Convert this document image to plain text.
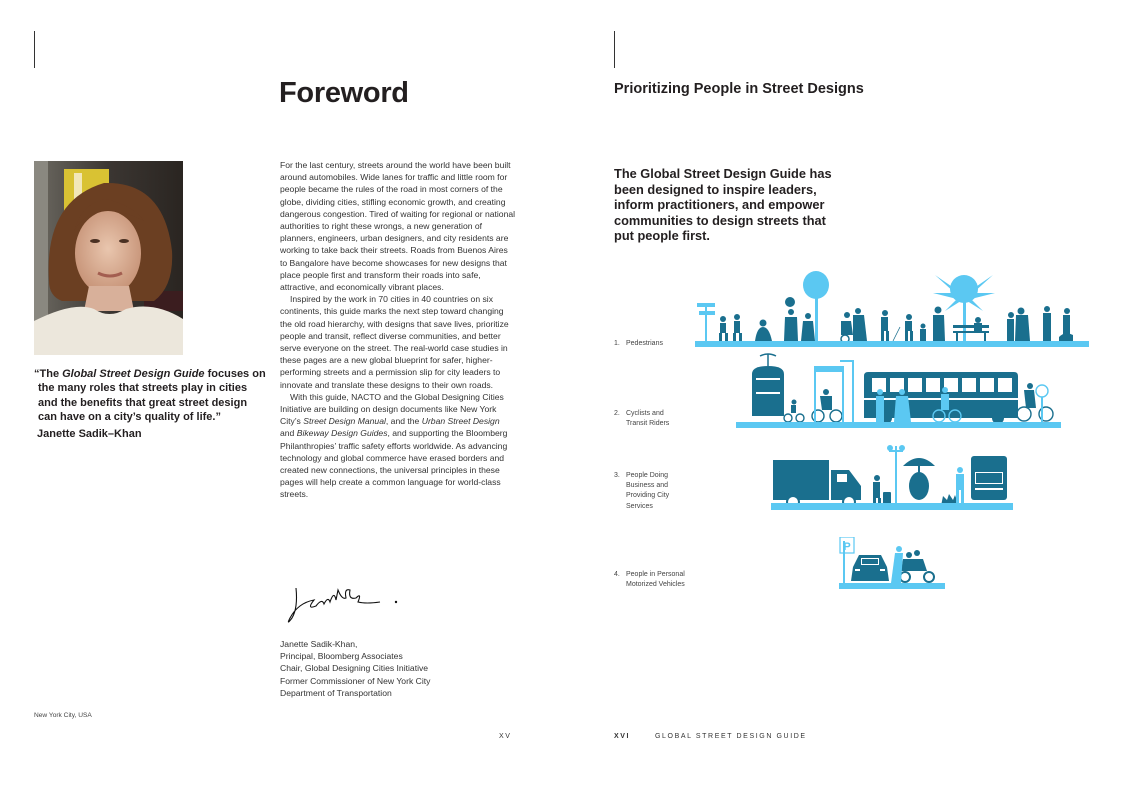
Foreword
“The Global Street Design Guide focuses on the many roles that streets play in cities and the benefits that great street design can have on a city’s quality of life.”
Janette Sadik–Khan

For the last century, streets around the world have been built around automobiles. Wide lanes for traffic and little room for people became the rules of the road in most corners of the globe, dividing cities, stifling economic growth, and creating dangerous congestion. Tired of waiting for regional or national authorities to right these wrongs, a new generation of planners, engineers, urban designers, and city residents are working to take back their streets. Roads from Buenos Aires to Bangalore have become showcases for new designs that place people first and transform their roads into safe, attractive, and economically vibrant places.

Inspired by the work in 70 cities in 40 countries on six continents, this guide marks the next step toward changing the old road hierarchy, with designs that save lives, prioritize people and transit, reflect diverse communities, and better serve everyone on the street. The real-world case studies in these pages are a new global blueprint for safer, higher-performing streets and a permission slip for city leaders to innovate and translate these designs to their own roads.

With this guide, NACTO and the Global Designing Cities Initiative are building on design documents like New York City’s Street Design Manual, and the Urban Street Design and Bikeway Design Guides, and supporting the Bloomberg Philanthropies’ traffic safety efforts worldwide. As advancing technology and global commerce have erased borders and created new connections, the universal principles in these pages will help create a common language for world-class streets.

Janette Sadik-Khan,
Principal, Bloomberg Associates
Chair, Global Designing Cities Initiative
Former Commissioner of New York City
Department of Transportation
New York City, USA
XV
Prioritizing People in Street Designs
The Global Street Design Guide has been designed to inspire leaders, inform practitioners, and empower communities to design streets that put people first.
1. Pedestrians
2. Cyclists and Transit Riders
3. People Doing Business and Providing City Services
4. People in Personal Motorized Vehicles
P
XVI	GLOBAL STREET DESIGN GUIDE
